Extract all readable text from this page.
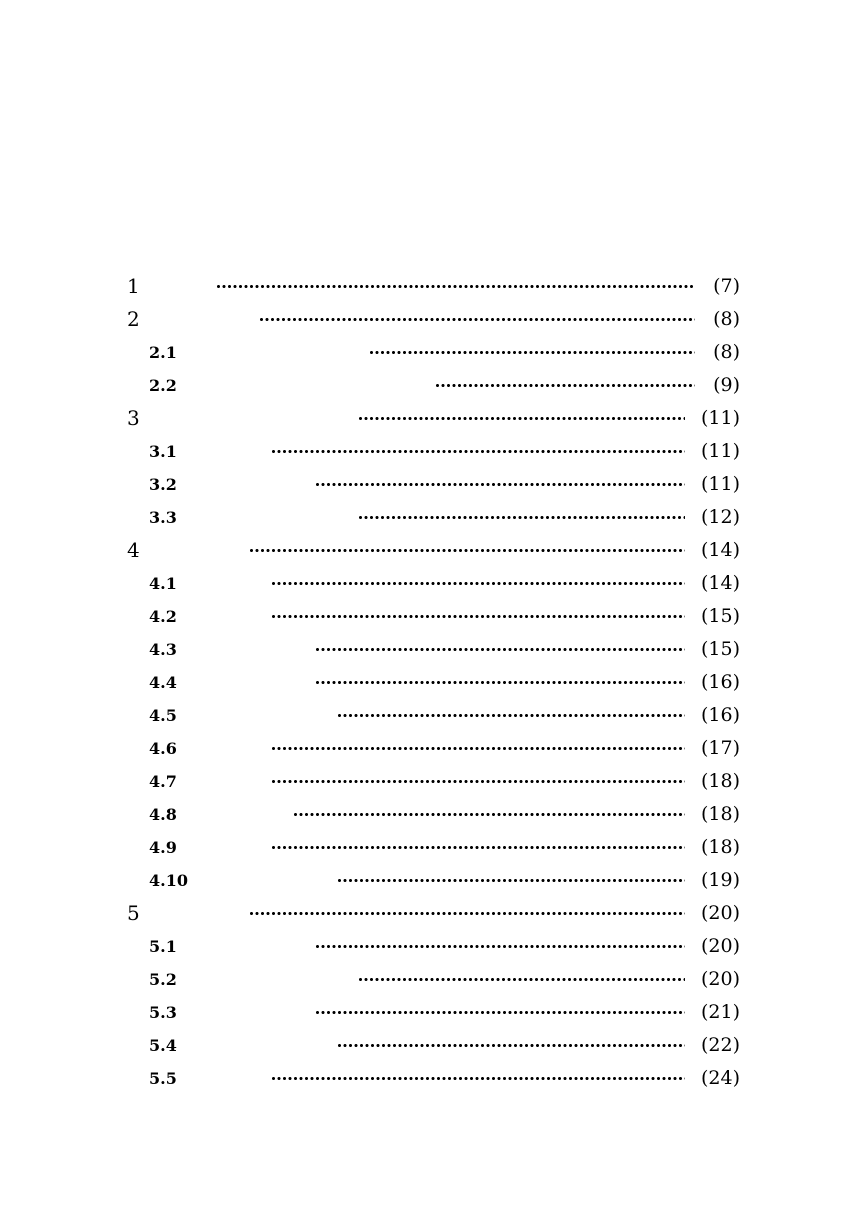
1	(7)
2	(8)
2.1	(8)
2.2	(9)
3	(11)
3.1	(11)
3.2	(11)
3.3	(12)
4	(14)
4.1	(14)
4.2	(15)
4.3	(15)
4.4	(16)
4.5	(16)
4.6	(17)
4.7	(18)
4.8	(18)
4.9	(18)
4.10	(19)
5	(20)
5.1	(20)
5.2	(20)
5.3	(21)
5.4	(22)
5.5	(24)
